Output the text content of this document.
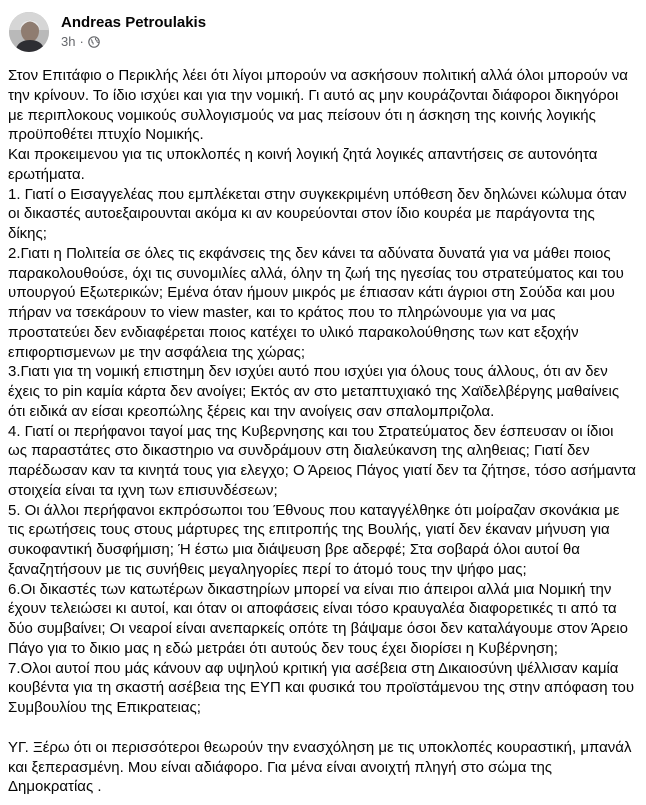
Andreas Petroulakis
3h ·

Στον Επιτάφιο ο Περικλής λέει ότι λίγοι μπορούν να ασκήσουν πολιτική αλλά όλοι μπορούν να την κρίνουν. Το ίδιο ισχύει και για την νομική. Γι αυτό ας μην κουράζονται διάφοροι δικηγόροι με περιπλοκους νομικούς συλλογισμούς να μας πείσουν ότι η άσκηση της κοινής λογικής προϋποθέτει πτυχίο Νομικής.

Και προκειμενου για τις υποκλοπές η κοινή λογική ζητά λογικές απαντήσεις σε αυτονόητα ερωτήματα.

1. Γιατί ο Εισαγγελέας που εμπλέκεται στην συγκεκριμένη υπόθεση δεν δηλώνει κώλυμα όταν οι δικαστές αυτοεξαιρουνται ακόμα κι αν κουρεύονται στον ίδιο κουρέα με παράγοντα της δίκης;

2.Γιατι η Πολιτεία σε όλες τις εκφάνσεις της δεν κάνει τα αδύνατα δυνατά για να μάθει ποιος παρακολουθούσε, όχι τις συνομιλίες αλλά, όλην τη ζωή της ηγεσίας του στρατεύματος και του υπουργού Εξωτερικών; Εμένα όταν ήμουν μικρός με έπιασαν κάτι άγριοι στη Σούδα και μου πήραν να τσεκάρουν το view master, και το κράτος που το πληρώνουμε για να μας προστατεύει δεν ενδιαφέρεται ποιος κατέχει το υλικό παρακολούθησης των κατ εξοχήν επιφορτισμενων με την ασφάλεια της χώρας;

3.Γιατι για τη νομική επιστημη δεν ισχύει αυτό που ισχύει για όλους τους άλλους, ότι αν δεν έχεις το pin καμία κάρτα δεν ανοίγει; Εκτός αν στο μεταπτυχιακό της Χαϊδελβέργης μαθαίνεις ότι ειδικά αν είσαι κρεοπώλης ξέρεις και την ανοίγεις σαν σπαλομπριζολα.

4. Γιατί οι περήφανοι ταγοί μας της Κυβερνησης και του Στρατεύματος δεν έσπευσαν οι ίδιοι ως παραστάτες στο δικαστηριο να συνδράμουν στη διαλεύκανση της αληθειας; Γιατί δεν παρέδωσαν καν τα κινητά τους για ελεγχο; Ο Άρειος Πάγος γιατί δεν τα ζήτησε, τόσο ασήμαντα στοιχεία είναι τα ιχνη των επισυνδέσεων;

5. Οι άλλοι περήφανοι εκπρόσωποι του Έθνους που καταγγέλθηκε ότι μοίραζαν σκονάκια με τις ερωτήσεις τους στους μάρτυρες της επιτροπής της Βουλής, γιατί δεν έκαναν μήνυση για συκοφαντική δυσφήμιση; Ή έστω μια διάψευση βρε αδερφέ; Στα σοβαρά όλοι αυτοί θα ξαναζητήσουν με τις συνήθεις μεγαληγορίες περί το άτομό τους την ψήφο μας;

6.Οι δικαστές των κατωτέρων δικαστηρίων μπορεί να είναι πιο άπειροι αλλά μια Νομική την έχουν τελειώσει κι αυτοί, και όταν οι αποφάσεις είναι τόσο κραυγαλέα διαφορετικές τι από τα δύο συμβαίνει; Οι νεαροί είναι ανεπαρκείς οπότε τη βάψαμε όσοι δεν καταλάγουμε στον Άρειο Πάγο για το δικιο μας η εδώ μετράει ότι αυτούς δεν τους έχει διορίσει η Κυβέρνηση;

7.Ολοι αυτοί που μάς κάνουν αφ υψηλού κριτική για ασέβεια στη Δικαιοσύνη ψέλλισαν καμία κουβέντα για τη σκαστή ασέβεια της ΕΥΠ και φυσικά του προϊστάμενου της στην απόφαση του Συμβουλίου της Επικρατειας;

ΥΓ. Ξέρω ότι οι περισσότεροι θεωρούν την ενασχόληση με τις υποκλοπές κουραστική, μπανάλ και ξεπερασμένη. Μου είναι αδιάφορο. Για μένα είναι ανοιχτή πληγή στο σώμα της Δημοκρατίας .
